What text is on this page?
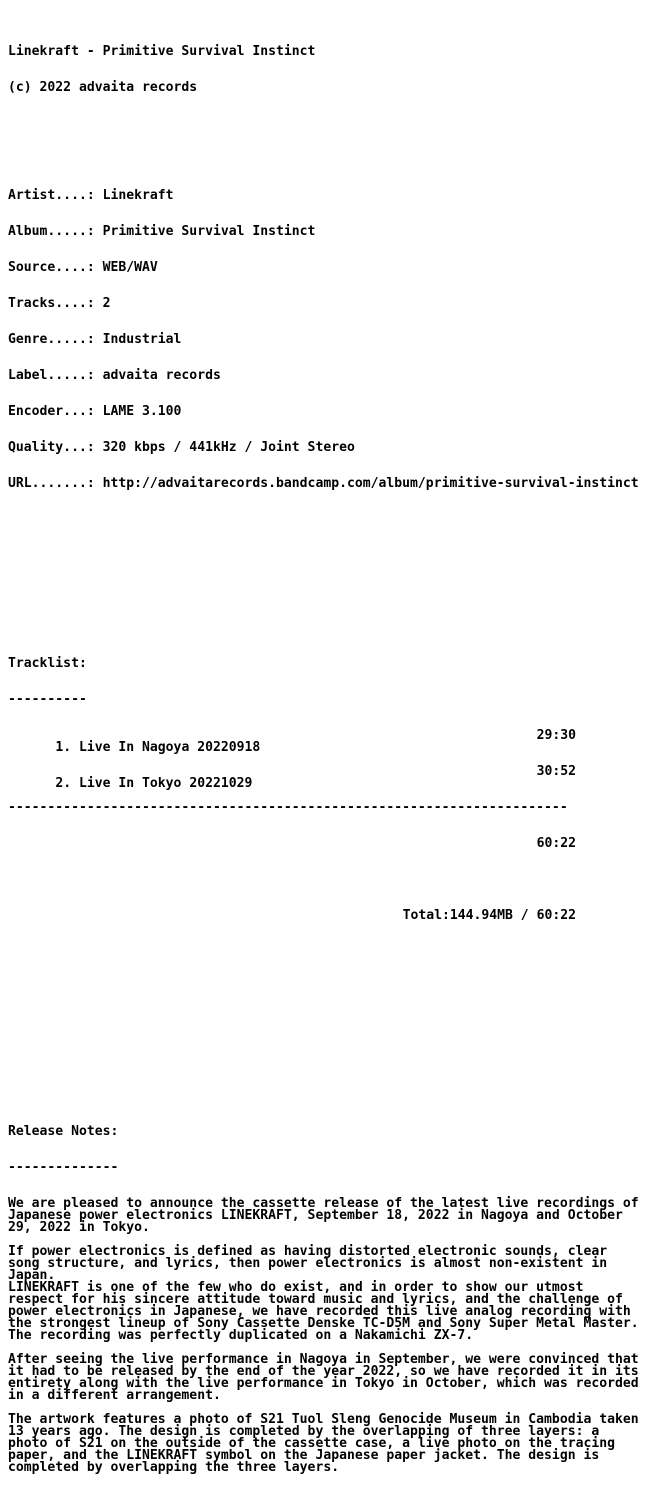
Linekraft - Primitive Survival Instinct

(c) 2022 advaita records

Artist....: Linekraft

Album.....: Primitive Survival Instinct

Source....: WEB/WAV

Tracks....: 2

Genre.....: Industrial

Label.....: advaita records

Encoder...: LAME 3.100

Quality...: 320 kbps / 441kHz / Joint Stereo

URL.......: http://advaitarecords.bandcamp.com/album/primitive-survival-instinct

Tracklist:

----------

1. Live In Nagoya 20220918

29:30

2. Live In Tokyo 20221029

30:52

-----------------------------------------------------------------------

60:22

Total:144.94MB / 60:22

Release Notes:

--------------

We are pleased to announce the cassette release of the latest live recordings of
Japanese power electronics LINEKRAFT, September 18, 2022 in Nagoya and October
29, 2022 in Tokyo.
If power electronics is defined as having distorted electronic sounds, clear
song structure, and lyrics, then power electronics is almost non-existent in
Japan.
LINEKRAFT is one of the few who do exist, and in order to show our utmost
respect for his sincere attitude toward music and lyrics, and the challenge of
power electronics in Japanese, we have recorded this live analog recording with
the strongest lineup of Sony Cassette Denske TC-D5M and Sony Super Metal Master.
The recording was perfectly duplicated on a Nakamichi ZX-7.
After seeing the live performance in Nagoya in September, we were convinced that
it had to be released by the end of the year 2022, so we have recorded it in its
entirety along with the live performance in Tokyo in October, which was recorded
in a different arrangement.
The artwork features a photo of S21 Tuol Sleng Genocide Museum in Cambodia taken
13 years ago. The design is completed by the overlapping of three layers: a
photo of S21 on the outside of the cassette case, a live photo on the tracing
paper, and the LINEKRAFT symbol on the Japanese paper jacket. The design is
completed by overlapping the three layers.
